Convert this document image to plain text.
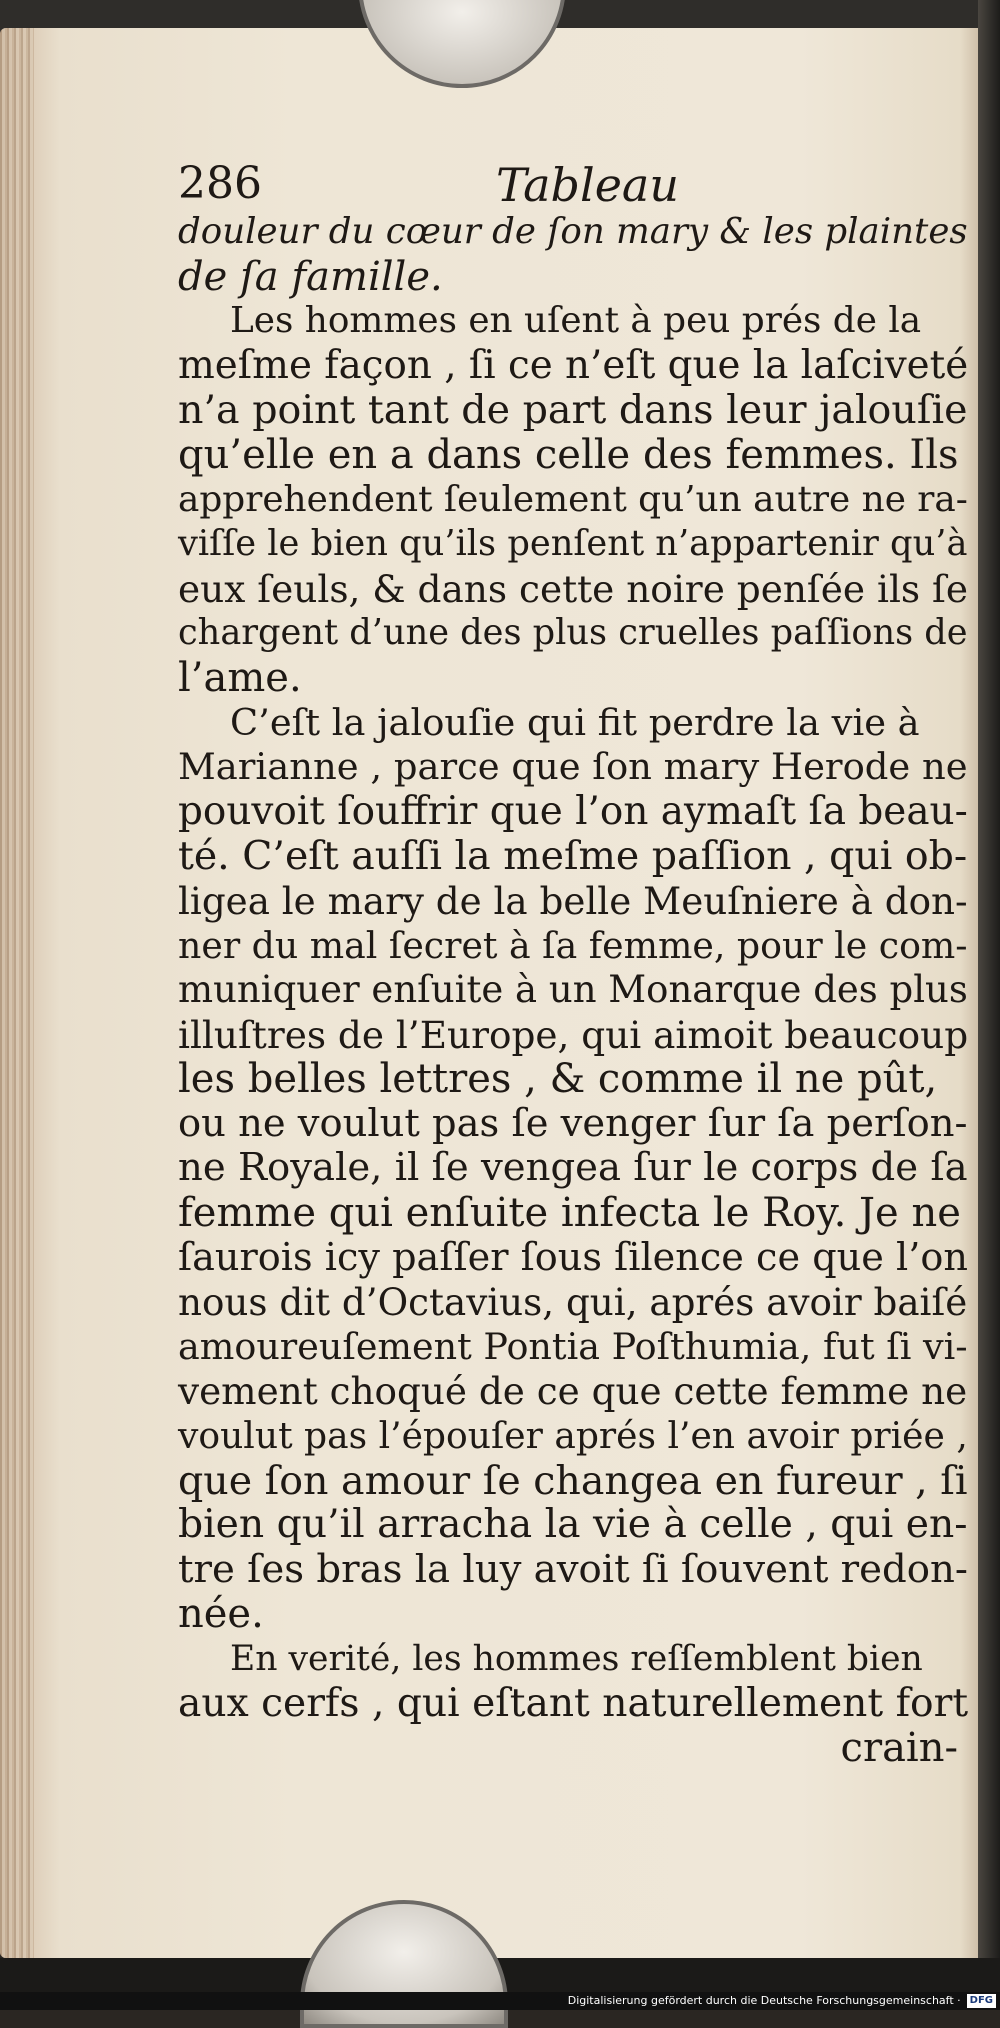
286	Tableau
douleur du cœur de ſon mary & les plaintes
de ſa famille.
Les hommes en uſent à peu prés de la
meſme façon , ſi ce n’eſt que la laſciveté
n’a point tant de part dans leur jalouſie
qu’elle en a dans celle des femmes. Ils
apprehendent ſeulement qu’un autre ne ra-
viſſe le bien qu’ils penſent n’appartenir qu’à
eux ſeuls, & dans cette noire penſée ils ſe
chargent d’une des plus cruelles paſſions de
l’ame.
C’eſt la jalouſie qui fit perdre la vie à
Marianne , parce que ſon mary Herode ne
pouvoit ſouffrir que l’on aymaſt ſa beau-
té. C’eſt auſſi la meſme paſſion , qui ob-
ligea le mary de la belle Meuſniere à don-
ner du mal ſecret à ſa femme, pour le com-
muniquer enſuite à un Monarque des plus
illuſtres de l’Europe, qui aimoit beaucoup
les belles lettres , & comme il ne pût,
ou ne voulut pas ſe venger ſur ſa perſon-
ne Royale, il ſe vengea ſur le corps de ſa
femme qui enſuite infecta le Roy. Je ne
ſaurois icy paſſer ſous ſilence ce que l’on
nous dit d’Octavius, qui, aprés avoir baiſé
amoureuſement Pontia Poſthumia, fut ſi vi-
vement choqué de ce que cette femme ne
voulut pas l’épouſer aprés l’en avoir priée ,
que ſon amour ſe changea en fureur , ſi
bien qu’il arracha la vie à celle , qui en-
tre ſes bras la luy avoit ſi ſouvent redon-
née.
En verité, les hommes reſſemblent bien
aux cerfs , qui eſtant naturellement fort
crain-
Digitalisierung gefördert durch die Deutsche Forschungsgemeinschaft · DFG
